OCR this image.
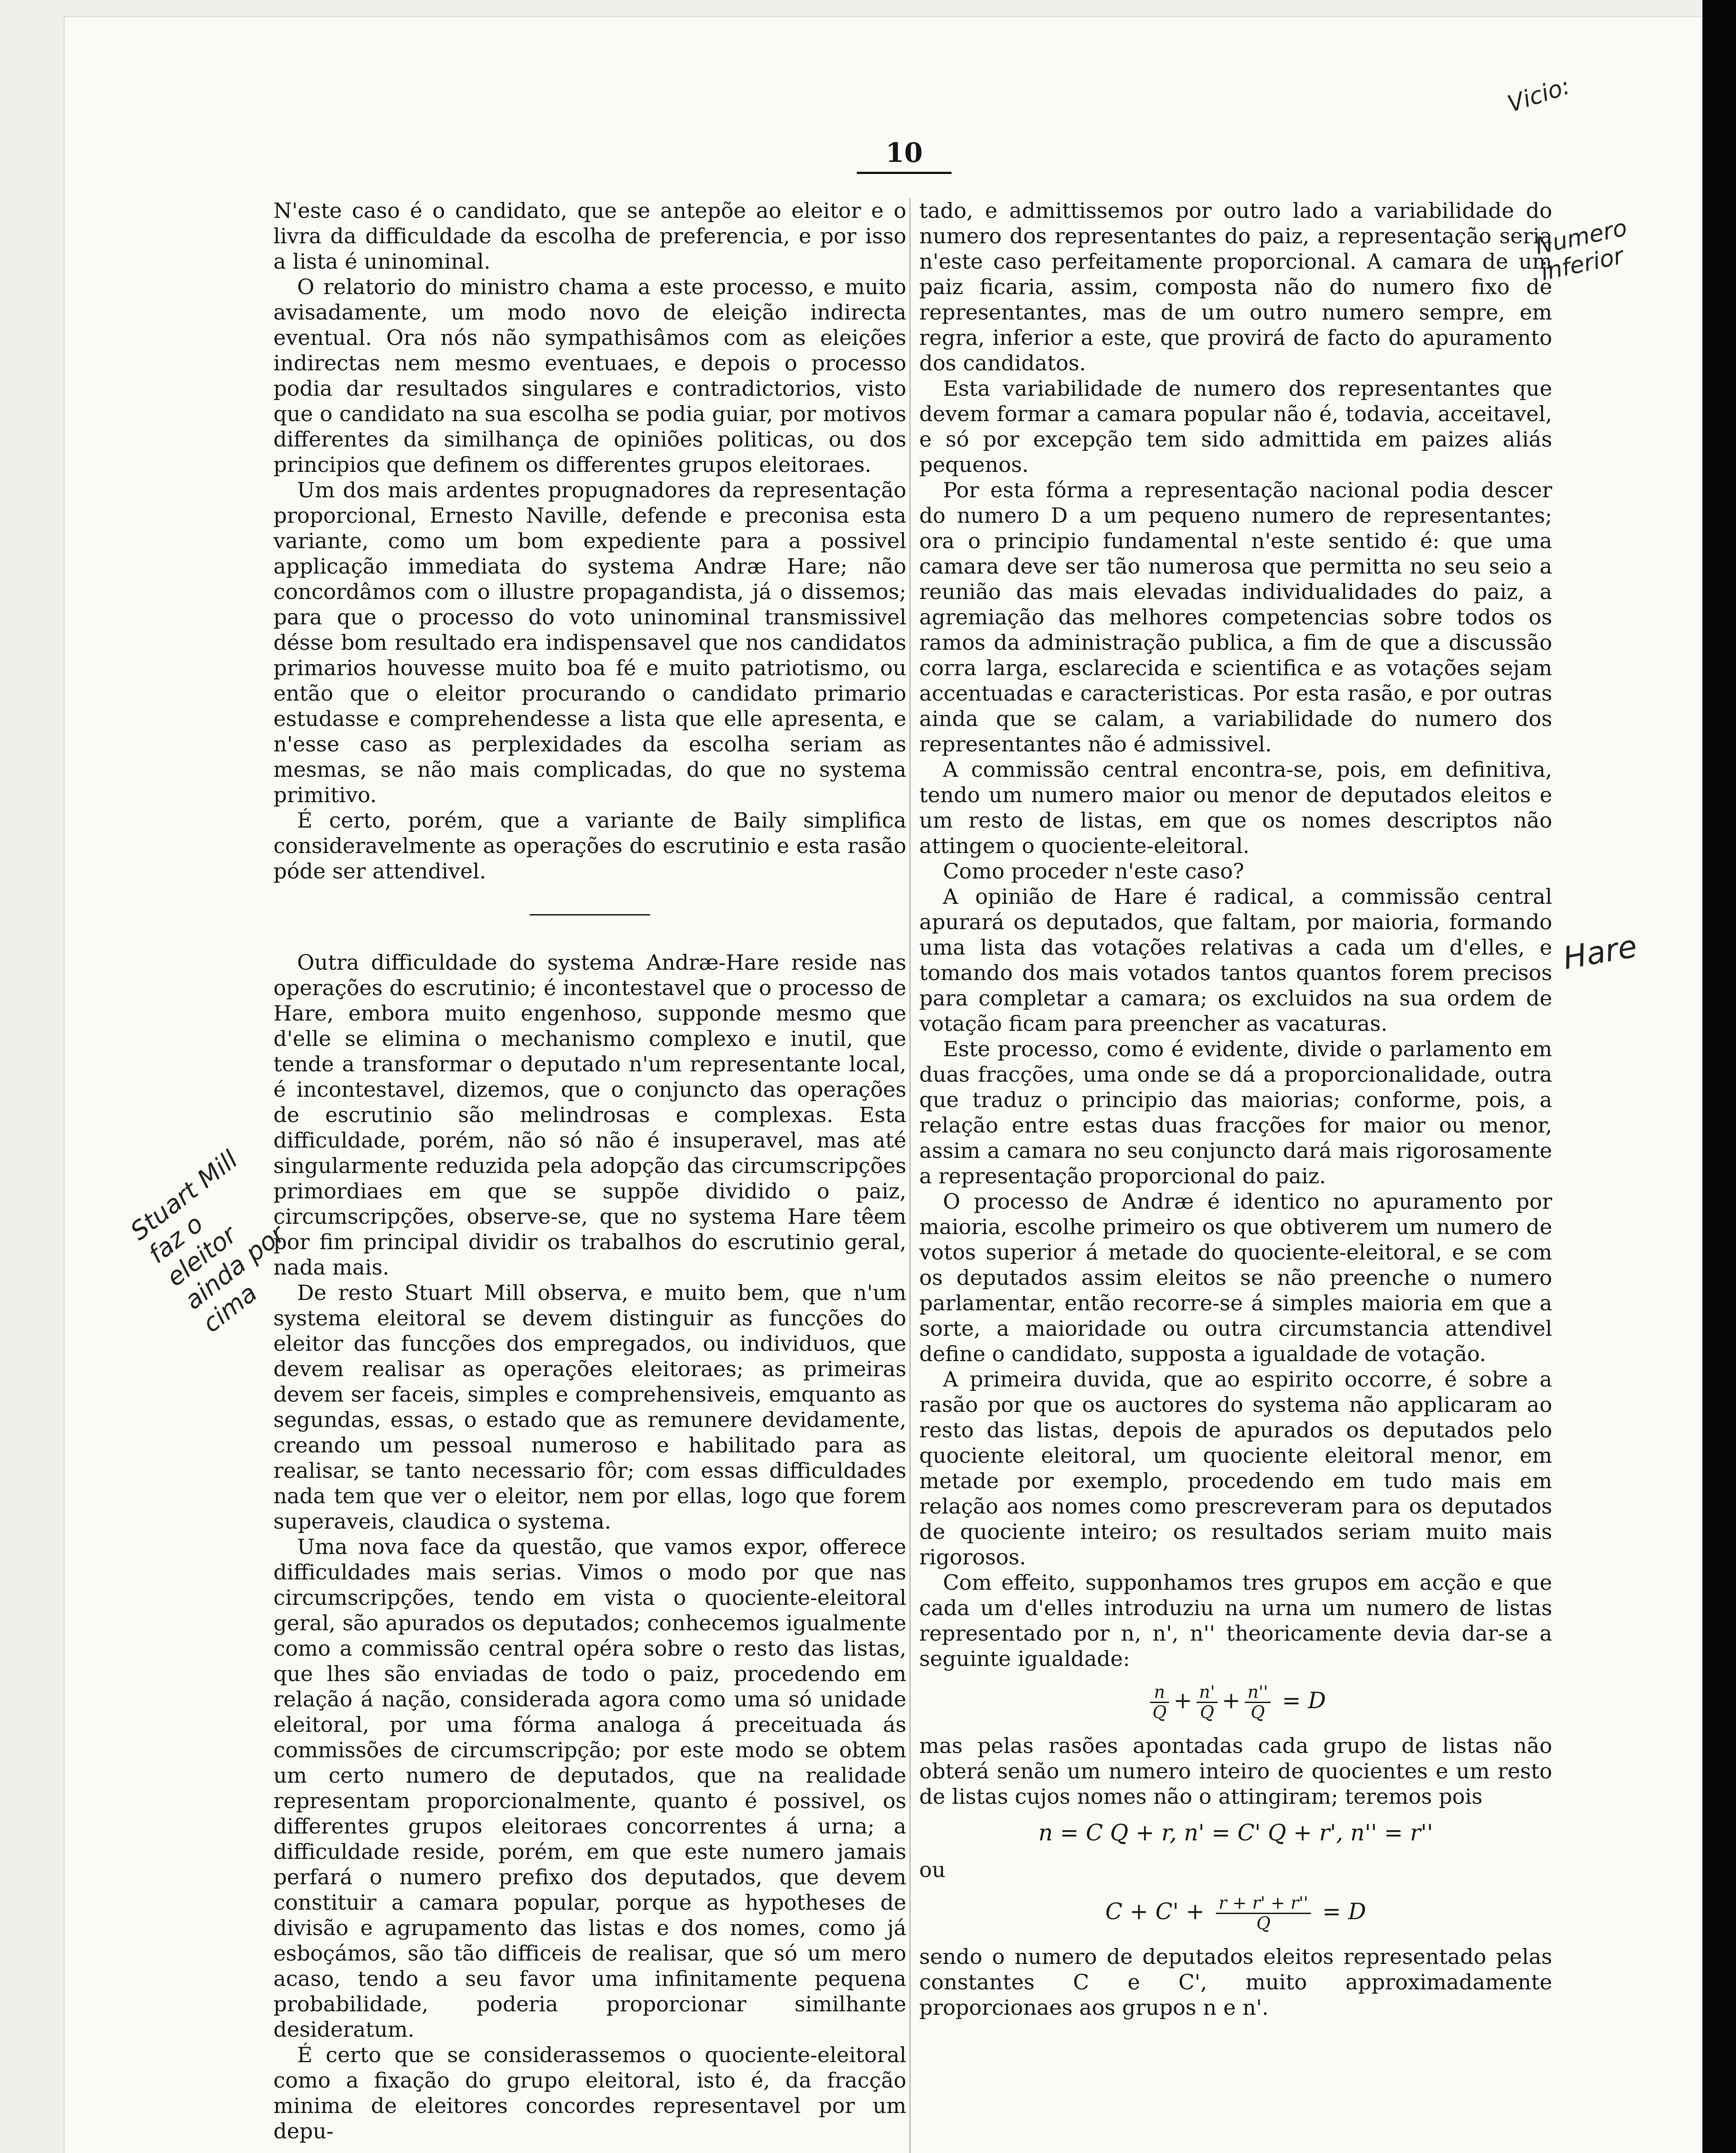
10

N'este caso é o candidato, que se antepõe ao eleitor e o livra da difficuldade da escolha de preferencia, e por isso a lista é uninominal.

O relatorio do ministro chama a este processo, e muito avisadamente, um modo novo de eleição indirecta eventual. Ora nós não sympathisâmos com as eleições indirectas nem mesmo eventuaes, e depois o processo podia dar resultados singulares e contradictorios, visto que o candidato na sua escolha se podia guiar, por motivos differentes da similhança de opiniões politicas, ou dos principios que definem os differentes grupos eleitoraes.

Um dos mais ardentes propugnadores da representação proporcional, Ernesto Naville, defende e preconisa esta variante, como um bom expediente para a possivel applicação immediata do systema Andræ Hare; não concordâmos com o illustre propagandista, já o dissemos; para que o processo do voto uninominal transmissivel désse bom resultado era indispensavel que nos candidatos primarios houvesse muito boa fé e muito patriotismo, ou então que o eleitor procurando o candidato primario estudasse e comprehendesse a lista que elle apresenta, e n'esse caso as perplexidades da escolha seriam as mesmas, se não mais complicadas, do que no systema primitivo.

É certo, porém, que a variante de Baily simplifica consideravelmente as operações do escrutinio e esta rasão póde ser attendivel.

Outra difficuldade do systema Andræ-Hare reside nas operações do escrutinio; é incontestavel que o processo de Hare, embora muito engenhoso, supponde mesmo que d'elle se elimina o mechanismo complexo e inutil, que tende a transformar o deputado n'um representante local, é incontestavel, dizemos, que o conjuncto das operações de escrutinio são melindrosas e complexas. Esta difficuldade, porém, não só não é insuperavel, mas até singularmente reduzida pela adopção das circumscripções primordiaes em que se suppõe dividido o paiz, circumscripções, observe-se, que no systema Hare têem por fim principal dividir os trabalhos do escrutinio geral, nada mais.

De resto Stuart Mill observa, e muito bem, que n'um systema eleitoral se devem distinguir as funcções do eleitor das funcções dos empregados, ou individuos, que devem realisar as operações eleitoraes; as primeiras devem ser faceis, simples e comprehensiveis, emquanto as segundas, essas, o estado que as remunere devidamente, creando um pessoal numeroso e habilitado para as realisar, se tanto necessario fôr; com essas difficuldades nada tem que ver o eleitor, nem por ellas, logo que forem superaveis, claudica o systema.

Uma nova face da questão, que vamos expor, offerece difficuldades mais serias. Vimos o modo por que nas circumscripções, tendo em vista o quociente-eleitoral geral, são apurados os deputados; conhecemos igualmente como a commissão central opéra sobre o resto das listas, que lhes são enviadas de todo o paiz, procedendo em relação á nação, considerada agora como uma só unidade eleitoral, por uma fórma analoga á preceituada ás commissões de circumscripção; por este modo se obtem um certo numero de deputados, que na realidade representam proporcionalmente, quanto é possivel, os differentes grupos eleitoraes concorrentes á urna; a difficuldade reside, porém, em que este numero jamais perfará o numero prefixo dos deputados, que devem constituir a camara popular, porque as hypotheses de divisão e agrupamento das listas e dos nomes, como já esboçámos, são tão difficeis de realisar, que só um mero acaso, tendo a seu favor uma infinitamente pequena probabilidade, poderia proporcionar similhante desideratum.

É certo que se considerassemos o quociente-eleitoral como a fixação do grupo eleitoral, isto é, da fracção minima de eleitores concordes representavel por um depu-

tado, e admittissemos por outro lado a variabilidade do numero dos representantes do paiz, a representação seria n'este caso perfeitamente proporcional. A camara de um paiz ficaria, assim, composta não do numero fixo de representantes, mas de um outro numero sempre, em regra, inferior a este, que provirá de facto do apuramento dos candidatos.

Esta variabilidade de numero dos representantes que devem formar a camara popular não é, todavia, acceitavel, e só por excepção tem sido admittida em paizes aliás pequenos.

Por esta fórma a representação nacional podia descer do numero D a um pequeno numero de representantes; ora o principio fundamental n'este sentido é: que uma camara deve ser tão numerosa que permitta no seu seio a reunião das mais elevadas individualidades do paiz, a agremiação das melhores competencias sobre todos os ramos da administração publica, a fim de que a discussão corra larga, esclarecida e scientifica e as votações sejam accentuadas e caracteristicas. Por esta rasão, e por outras ainda que se calam, a variabilidade do numero dos representantes não é admissivel.

A commissão central encontra-se, pois, em definitiva, tendo um numero maior ou menor de deputados eleitos e um resto de listas, em que os nomes descriptos não attingem o quociente-eleitoral.

Como proceder n'este caso?

A opinião de Hare é radical, a commissão central apurará os deputados, que faltam, por maioria, formando uma lista das votações relativas a cada um d'elles, e tomando dos mais votados tantos quantos forem precisos para completar a camara; os excluidos na sua ordem de votação ficam para preencher as vacaturas.

Este processo, como é evidente, divide o parlamento em duas fracções, uma onde se dá a proporcionalidade, outra que traduz o principio das maiorias; conforme, pois, a relação entre estas duas fracções for maior ou menor, assim a camara no seu conjuncto dará mais rigorosamente a representação proporcional do paiz.

O processo de Andræ é identico no apuramento por maioria, escolhe primeiro os que obtiverem um numero de votos superior á metade do quociente-eleitoral, e se com os deputados assim eleitos se não preenche o numero parlamentar, então recorre-se á simples maioria em que a sorte, a maioridade ou outra circumstancia attendivel define o candidato, supposta a igualdade de votação.

A primeira duvida, que ao espirito occorre, é sobre a rasão por que os auctores do systema não applicaram ao resto das listas, depois de apurados os deputados pelo quociente eleitoral, um quociente eleitoral menor, em metade por exemplo, procedendo em tudo mais em relação aos nomes como prescreveram para os deputados de quociente inteiro; os resultados seriam muito mais rigorosos.

Com effeito, supponhamos tres grupos em acção e que cada um d'elles introduziu na urna um numero de listas representado por n, n', n'' theoricamente devia dar-se a seguinte igualdade:

$\frac{n}{Q} + \frac{n'}{Q} + \frac{n''}{Q} = D$

mas pelas rasões apontadas cada grupo de listas não obterá senão um numero inteiro de quocientes e um resto de listas cujos nomes não o attingiram; teremos pois

n = C Q + r, n' = C' Q + r', n'' = r''

ou

$C + C' + \frac{r + r' + r''}{Q} = D$

sendo o numero de deputados eleitos representado pelas constantes C e C', muito approximadamente proporcionaes aos grupos n e n'.

Stuart Mill faz o eleitor ainda por cima
Vicio:
Numero inferior
Hare
